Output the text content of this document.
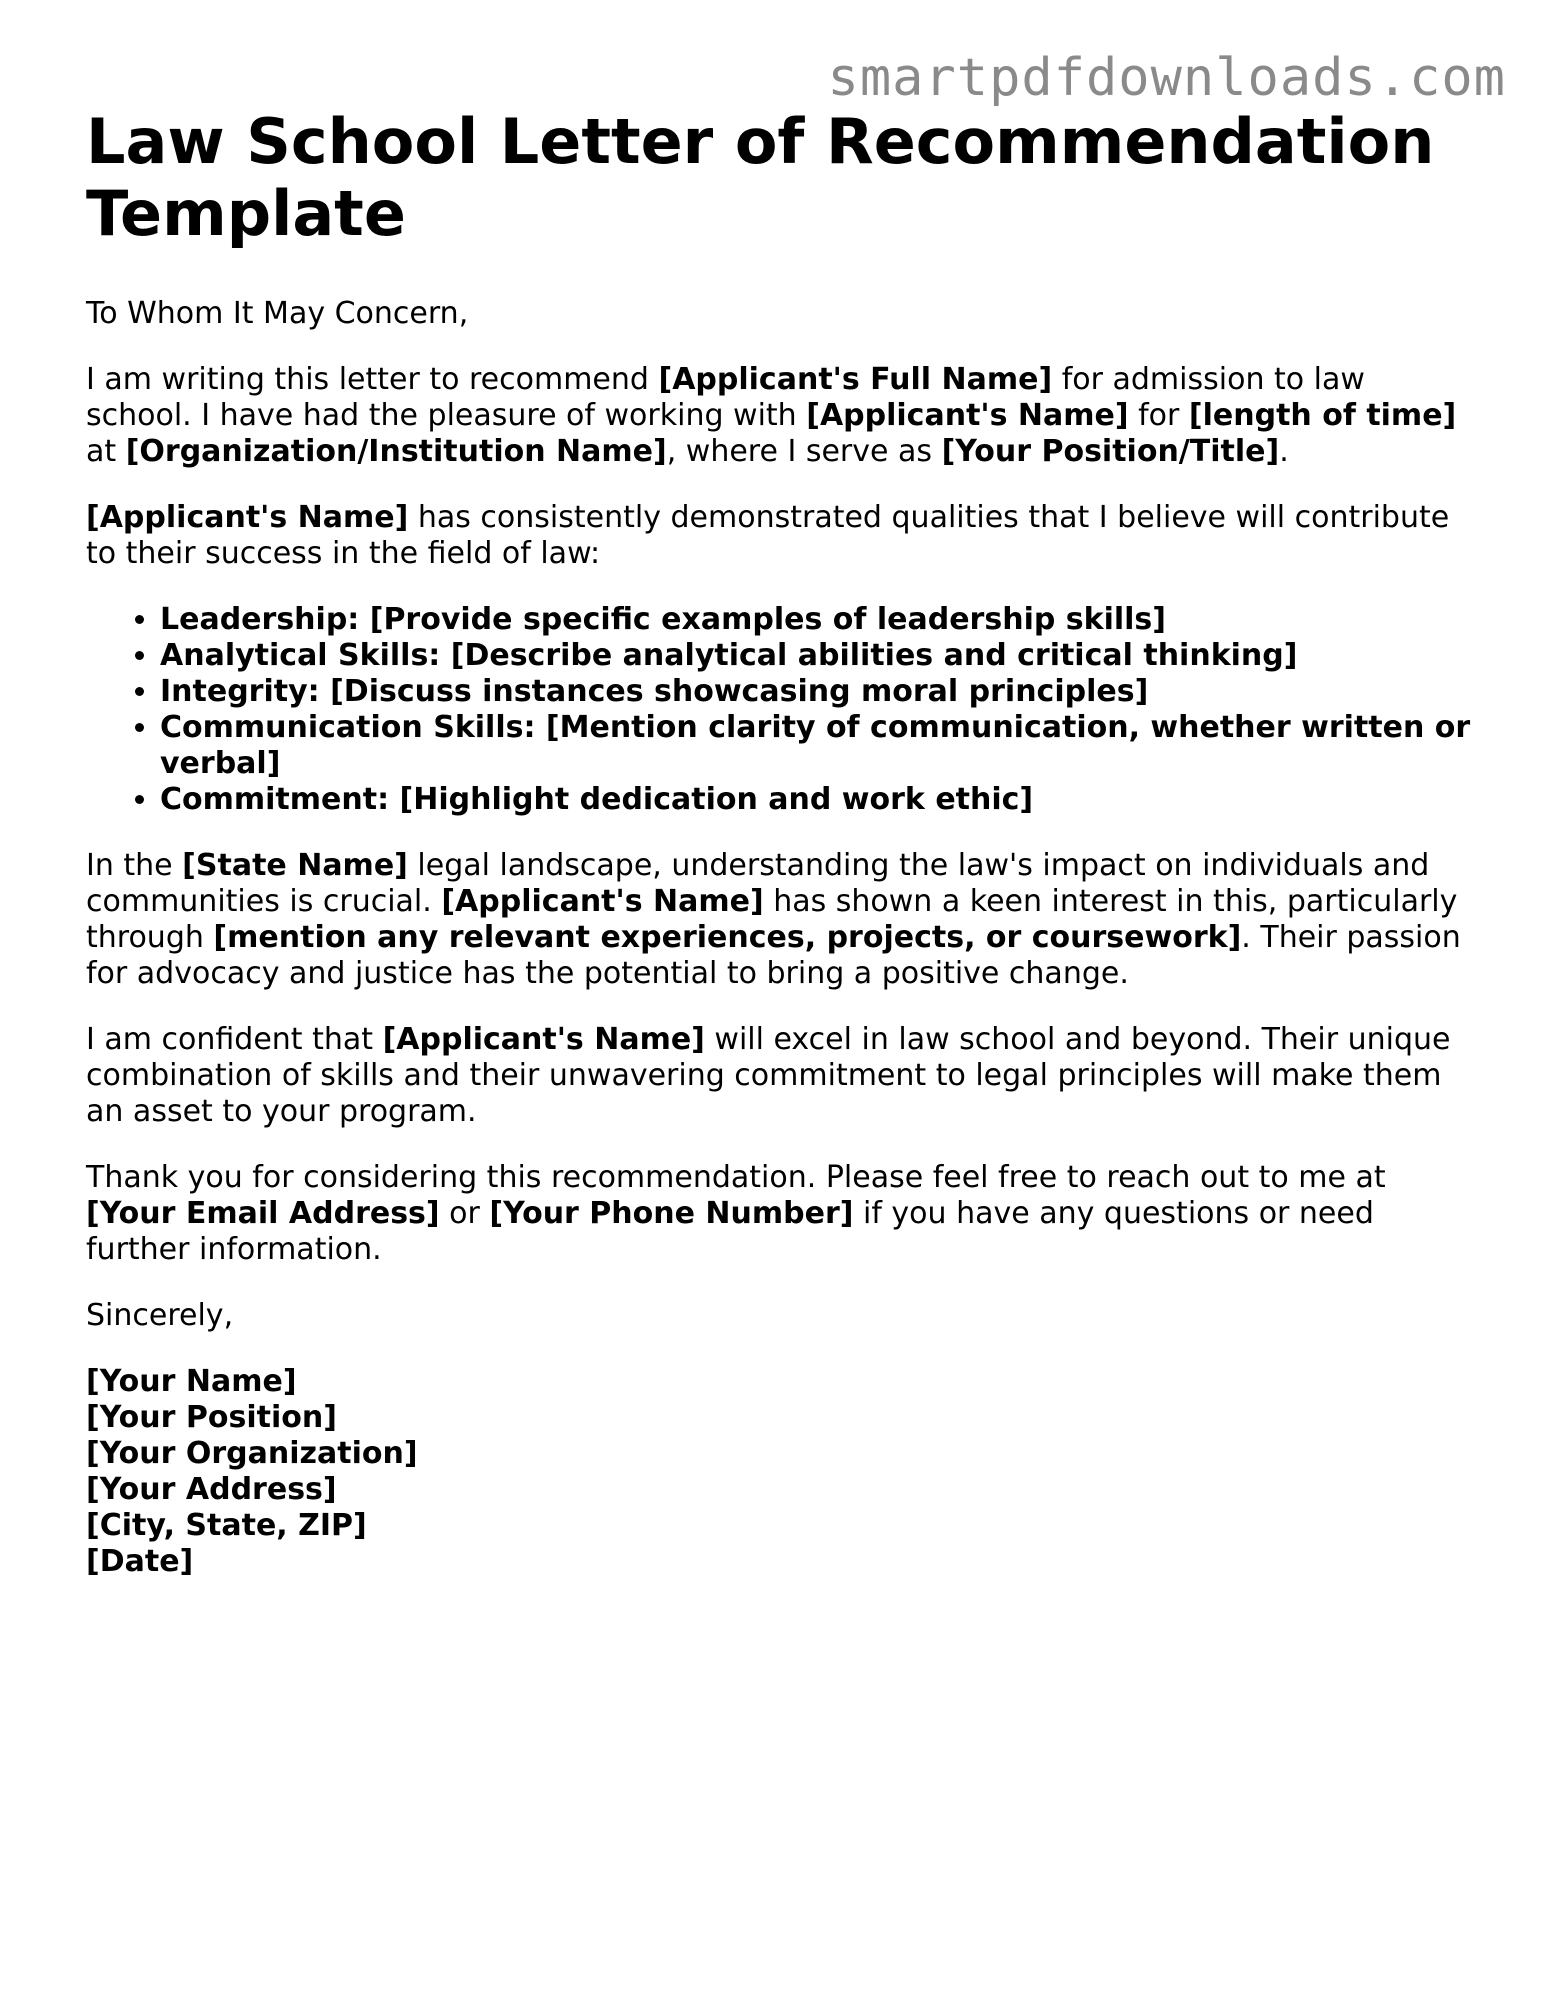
smartpdfdownloads.com
Law School Letter of Recommendation Template

To Whom It May Concern,

I am writing this letter to recommend [Applicant's Full Name] for admission to law school. I have had the pleasure of working with [Applicant's Name] for [length of time] at [Organization/Institution Name], where I serve as [Your Position/Title].

[Applicant's Name] has consistently demonstrated qualities that I believe will contribute to their success in the field of law:

• Leadership: [Provide specific examples of leadership skills]
• Analytical Skills: [Describe analytical abilities and critical thinking]
• Integrity: [Discuss instances showcasing moral principles]
• Communication Skills: [Mention clarity of communication, whether written or verbal]
• Commitment: [Highlight dedication and work ethic]

In the [State Name] legal landscape, understanding the law's impact on individuals and communities is crucial. [Applicant's Name] has shown a keen interest in this, particularly through [mention any relevant experiences, projects, or coursework]. Their passion for advocacy and justice has the potential to bring a positive change.

I am confident that [Applicant's Name] will excel in law school and beyond. Their unique combination of skills and their unwavering commitment to legal principles will make them an asset to your program.

Thank you for considering this recommendation. Please feel free to reach out to me at [Your Email Address] or [Your Phone Number] if you have any questions or need further information.

Sincerely,

[Your Name]
[Your Position]
[Your Organization]
[Your Address]
[City, State, ZIP]
[Date]
